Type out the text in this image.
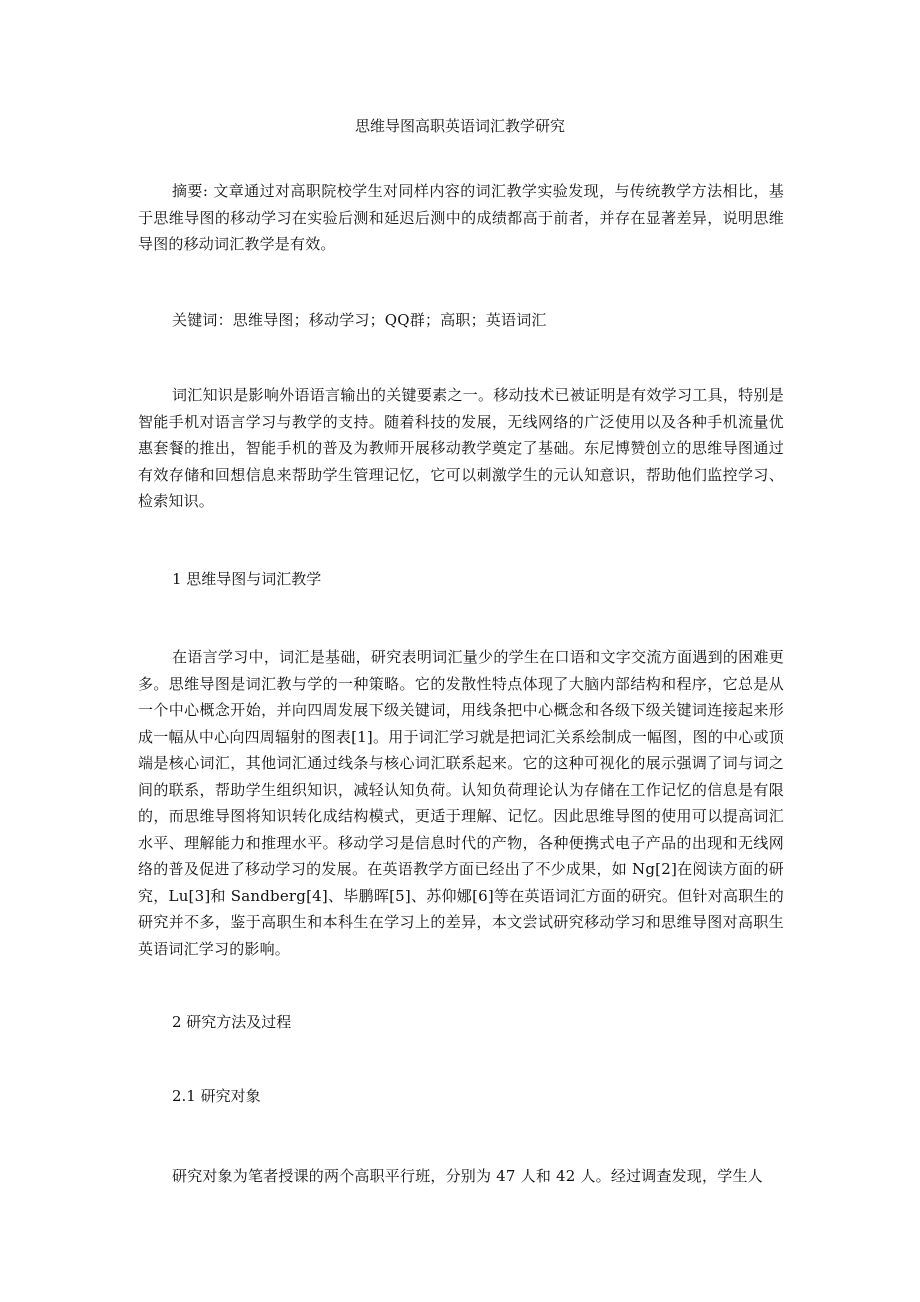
思维导图高职英语词汇教学研究

摘要: 文章通过对高职院校学生对同样内容的词汇教学实验发现，与传统教学方法相比，基于思维导图的移动学习在实验后测和延迟后测中的成绩都高于前者，并存在显著差异，说明思维导图的移动词汇教学是有效。

关键词：思维导图；移动学习；QQ群；高职；英语词汇

词汇知识是影响外语语言输出的关键要素之一。移动技术已被证明是有效学习工具，特别是智能手机对语言学习与教学的支持。随着科技的发展，无线网络的广泛使用以及各种手机流量优惠套餐的推出，智能手机的普及为教师开展移动教学奠定了基础。东尼博赞创立的思维导图通过有效存储和回想信息来帮助学生管理记忆，它可以刺激学生的元认知意识，帮助他们监控学习、检索知识。

1 思维导图与词汇教学

在语言学习中，词汇是基础，研究表明词汇量少的学生在口语和文字交流方面遇到的困难更多。思维导图是词汇教与学的一种策略。它的发散性特点体现了大脑内部结构和程序，它总是从一个中心概念开始，并向四周发展下级关键词，用线条把中心概念和各级下级关键词连接起来形成一幅从中心向四周辐射的图表[1]。用于词汇学习就是把词汇关系绘制成一幅图，图的中心或顶端是核心词汇，其他词汇通过线条与核心词汇联系起来。它的这种可视化的展示强调了词与词之间的联系，帮助学生组织知识，减轻认知负荷。认知负荷理论认为存储在工作记忆的信息是有限的，而思维导图将知识转化成结构模式，更适于理解、记忆。因此思维导图的使用可以提高词汇水平、理解能力和推理水平。移动学习是信息时代的产物，各种便携式电子产品的出现和无线网络的普及促进了移动学习的发展。在英语教学方面已经出了不少成果，如 Ng[2]在阅读方面的研究，Lu[3]和 Sandberg[4]、毕鹏晖[5]、苏仰娜[6]等在英语词汇方面的研究。但针对高职生的研究并不多，鉴于高职生和本科生在学习上的差异，本文尝试研究移动学习和思维导图对高职生英语词汇学习的影响。

2 研究方法及过程
2.1 研究对象

研究对象为笔者授课的两个高职平行班，分别为 47 人和 42 人。经过调查发现，学生人
